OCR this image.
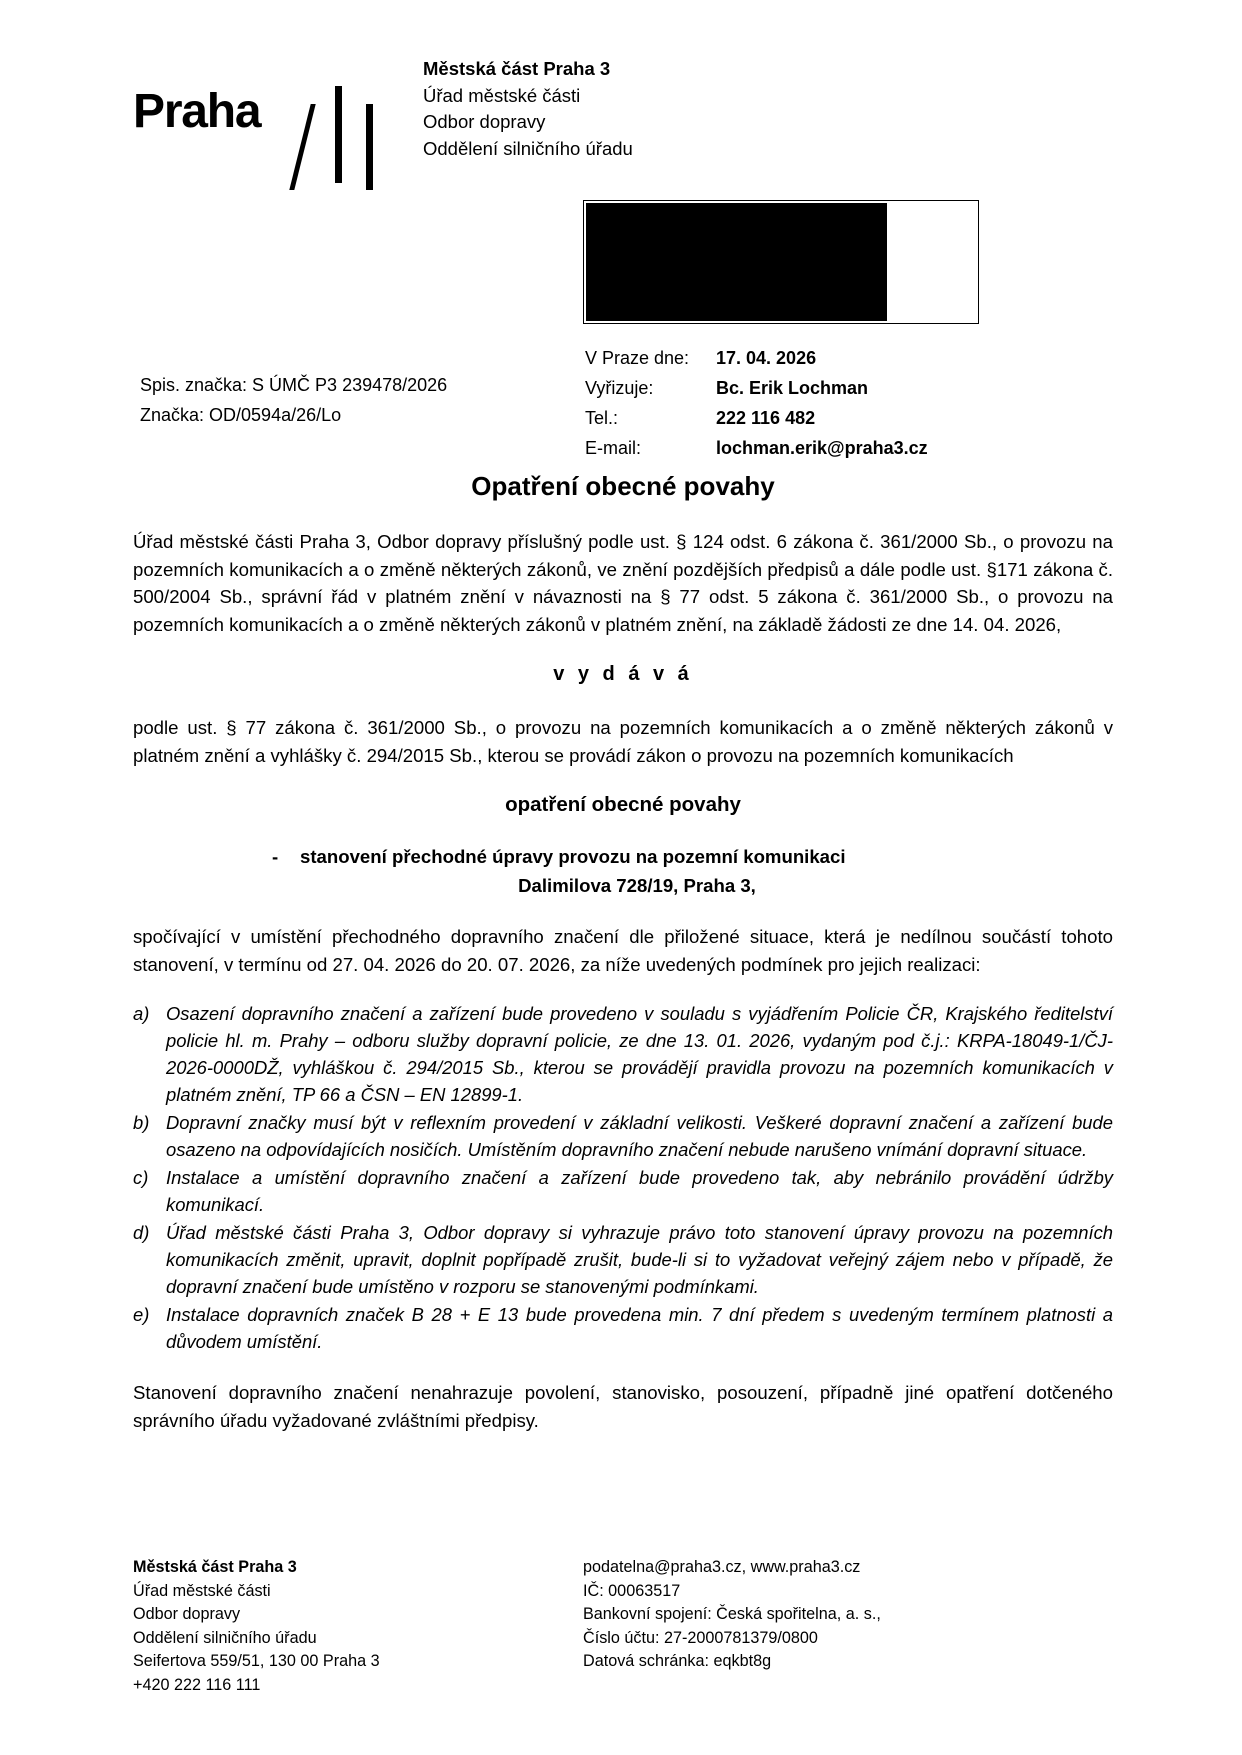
Praha
Městská část Praha 3
Úřad městské části
Odbor dopravy
Oddělení silničního úřadu
Spis. značka: S ÚMČ P3 239478/2026
Značka: OD/0594a/26/Lo
V Praze dne:	17. 04. 2026
Vyřizuje:	Bc. Erik Lochman
Tel.:	222 116 482
E-mail:	lochman.erik@praha3.cz
Opatření obecné povahy

Úřad městské části Praha 3, Odbor dopravy příslušný podle ust. § 124 odst. 6 zákona č. 361/2000 Sb., o provozu na pozemních komunikacích a o změně některých zákonů, ve znění pozdějších předpisů a dále podle ust. §171 zákona č. 500/2004 Sb., správní řád v platném znění v návaznosti na § 77 odst. 5 zákona č. 361/2000 Sb., o provozu na pozemních komunikacích a o změně některých zákonů v platném znění, na základě žádosti ze dne 14. 04. 2026,

v y d á v á

podle ust. § 77 zákona č. 361/2000 Sb., o provozu na pozemních komunikacích a o změně některých zákonů v platném znění a vyhlášky č. 294/2015 Sb., kterou se provádí zákon o provozu na pozemních komunikacích

opatření obecné povahy
-	stanovení přechodné úpravy provozu na pozemní komunikaci
Dalimilova 728/19, Praha 3,

spočívající v umístění přechodného dopravního značení dle přiložené situace, která je nedílnou součástí tohoto stanovení, v termínu od 27. 04. 2026 do 20. 07. 2026, za níže uvedených podmínek pro jejich realizaci:

a) Osazení dopravního značení a zařízení bude provedeno v souladu s vyjádřením Policie ČR, Krajského ředitelství policie hl. m. Prahy – odboru služby dopravní policie, ze dne 13. 01. 2026, vydaným pod č.j.: KRPA-18049-1/ČJ-2026-0000DŽ, vyhláškou č. 294/2015 Sb., kterou se provádějí pravidla provozu na pozemních komunikacích v platném znění, TP 66 a ČSN – EN 12899-1.
b) Dopravní značky musí být v reflexním provedení v základní velikosti. Veškeré dopravní značení a zařízení bude osazeno na odpovídajících nosičích. Umístěním dopravního značení nebude narušeno vnímání dopravní situace.
c) Instalace a umístění dopravního značení a zařízení bude provedeno tak, aby nebránilo provádění údržby komunikací.
d) Úřad městské části Praha 3, Odbor dopravy si vyhrazuje právo toto stanovení úpravy provozu na pozemních komunikacích změnit, upravit, doplnit popřípadě zrušit, bude-li si to vyžadovat veřejný zájem nebo v případě, že dopravní značení bude umístěno v rozporu se stanovenými podmínkami.
e) Instalace dopravních značek B 28 + E 13 bude provedena min. 7 dní předem s uvedeným termínem platnosti a důvodem umístění.

Stanovení dopravního značení nenahrazuje povolení, stanovisko, posouzení, případně jiné opatření dotčeného správního úřadu vyžadované zvláštními předpisy.

Městská část Praha 3
Úřad městské části
Odbor dopravy
Oddělení silničního úřadu
Seifertova 559/51, 130 00 Praha 3
+420 222 116 111
podatelna@praha3.cz, www.praha3.cz
IČ: 00063517
Bankovní spojení: Česká spořitelna, a. s.,
Číslo účtu: 27-2000781379/0800
Datová schránka: eqkbt8g
